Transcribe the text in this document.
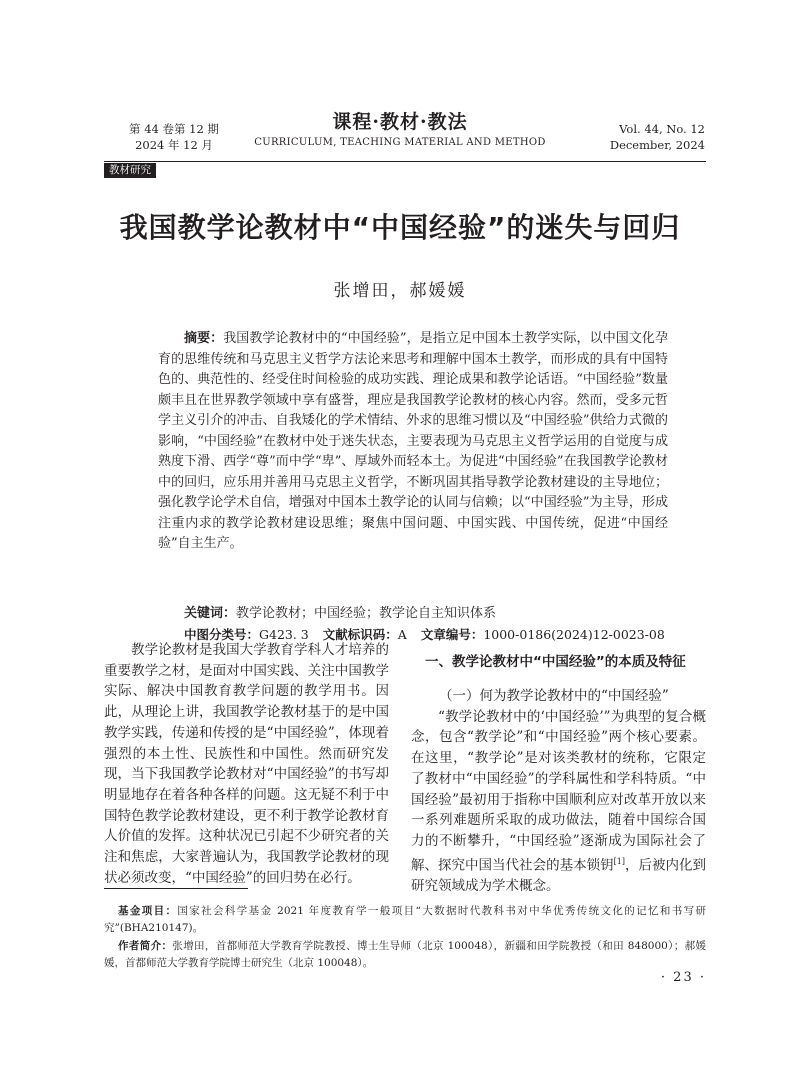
第 44 卷第 12 期
2024 年 12 月
课程·教材·教法
CURRICULUM, TEACHING MATERIAL AND METHOD
Vol. 44, No. 12
December, 2024
教材研究
我国教学论教材中“中国经验”的迷失与回归
张增田，郝媛媛
摘要：我国教学论教材中的“中国经验”，是指立足中国本土教学实际，以中国文化孕育的思维传统和马克思主义哲学方法论来思考和理解中国本土教学，而形成的具有中国特色的、典范性的、经受住时间检验的成功实践、理论成果和教学论话语。“中国经验”数量颇丰且在世界教学领域中享有盛誉，理应是我国教学论教材的核心内容。然而，受多元哲学主义引介的冲击、自我矮化的学术情结、外求的思维习惯以及“中国经验”供给力式微的影响，“中国经验”在教材中处于迷失状态，主要表现为马克思主义哲学运用的自觉度与成熟度下滑、西学“尊”而中学“卑”、厚域外而轻本土。为促进“中国经验”在我国教学论教材中的回归，应乐用并善用马克思主义哲学，不断巩固其指导教学论教材建设的主导地位；强化教学论学术自信，增强对中国本土教学论的认同与信赖；以“中国经验”为主导，形成注重内求的教学论教材建设思维；聚焦中国问题、中国实践、中国传统，促进“中国经验”自主生产。
关键词：教学论教材；中国经验；教学论自主知识体系
中图分类号：G423. 3 文献标识码：A 文章编号：1000-0186(2024)12-0023-08
教学论教材是我国大学教育学科人才培养的重要教学之材，是面对中国实践、关注中国教学实际、解决中国教育教学问题的教学用书。因此，从理论上讲，我国教学论教材基于的是中国教学实践，传递和传授的是“中国经验”，体现着强烈的本土性、民族性和中国性。然而研究发现，当下我国教学论教材对“中国经验”的书写却明显地存在着各种各样的问题。这无疑不利于中国特色教学论教材建设，更不利于教学论教材育人价值的发挥。这种状况已引起不少研究者的关注和焦虑，大家普遍认为，我国教学论教材的现状必须改变，“中国经验”的回归势在必行。
一、教学论教材中“中国经验”的本质及特征
（一）何为教学论教材中的“中国经验”

“教学论教材中的‘中国经验’”为典型的复合概念，包含“教学论”和“中国经验”两个核心要素。在这里，“教学论”是对该类教材的统称，它限定了教材中“中国经验”的学科属性和学科特质。“中国经验”最初用于指称中国顺利应对改革开放以来一系列难题所采取的成功做法，随着中国综合国力的不断攀升，“中国经验”逐渐成为国际社会了解、探究中国当代社会的基本锁钥[1]，后被内化到研究领域成为学术概念。

基金项目：国家社会科学基金 2021 年度教育学一般项目“大数据时代教科书对中华优秀传统文化的记忆和书写研究”(BHA210147)。
作者简介：张增田，首都师范大学教育学院教授、博士生导师（北京 100048），新疆和田学院教授（和田 848000）；郝媛媛，首都师范大学教育学院博士研究生（北京 100048）。
· 23 ·
